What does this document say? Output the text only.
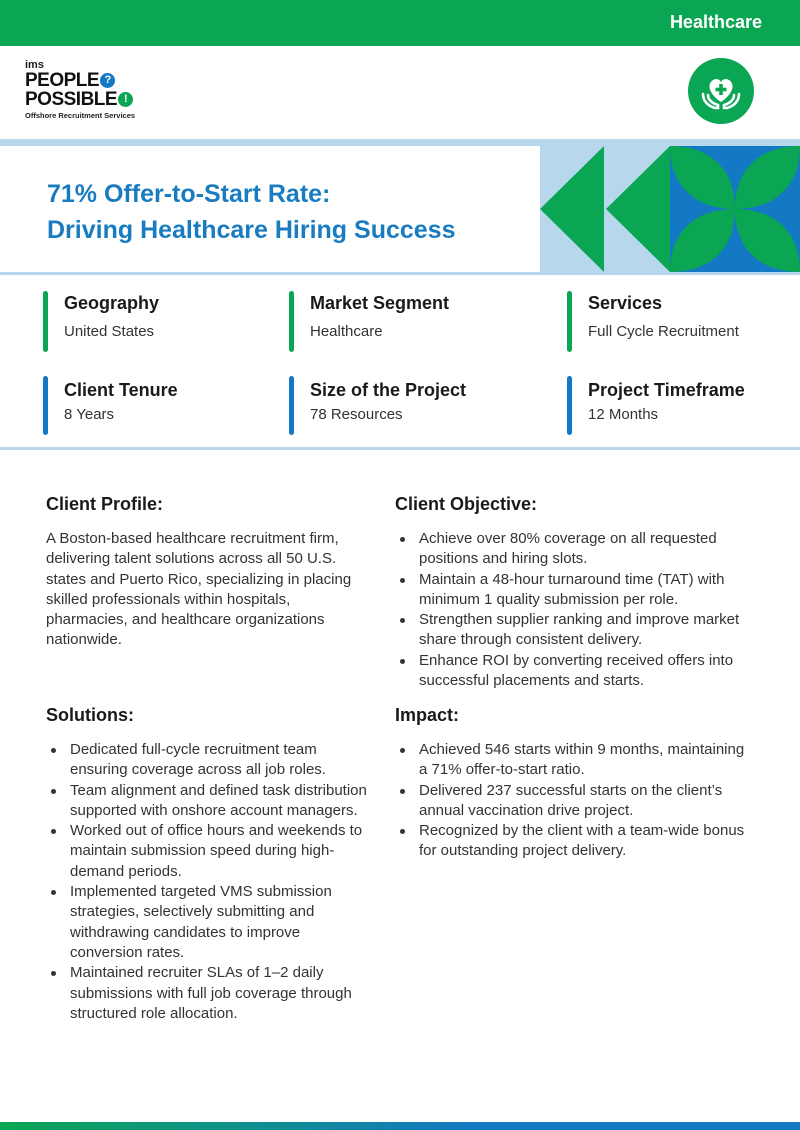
Healthcare
ims
PEOPLE ?
POSSIBLE !
Offshore Recruitment Services
71% Offer-to-Start Rate:
Driving Healthcare Hiring Success
Geography
United States
Market Segment
Healthcare
Services
Full Cycle Recruitment
Client Tenure
8 Years
Size of the Project
78 Resources
Project Timeframe
12 Months
Client Profile:

A Boston-based healthcare recruitment firm, delivering talent solutions across all 50 U.S. states and Puerto Rico, specializing in placing skilled professionals within hospitals, pharmacies, and healthcare organizations nationwide.

Client Objective:
Achieve over 80% coverage on all requested positions and hiring slots.
Maintain a 48-hour turnaround time (TAT) with minimum 1 quality submission per role.
Strengthen supplier ranking and improve market share through consistent delivery.
Enhance ROI by converting received offers into successful placements and starts.
Solutions:
Dedicated full-cycle recruitment team ensuring coverage across all job roles.
Team alignment and defined task distribution supported with onshore account managers.
Worked out of office hours and weekends to maintain submission speed during high-demand periods.
Implemented targeted VMS submission strategies, selectively submitting and withdrawing candidates to improve conversion rates.
Maintained recruiter SLAs of 1–2 daily submissions with full job coverage through structured role allocation.
Impact:
Achieved 546 starts within 9 months, maintaining a 71% offer-to-start ratio.
Delivered 237 successful starts on the client’s annual vaccination drive project.
Recognized by the client with a team-wide bonus for outstanding project delivery.
